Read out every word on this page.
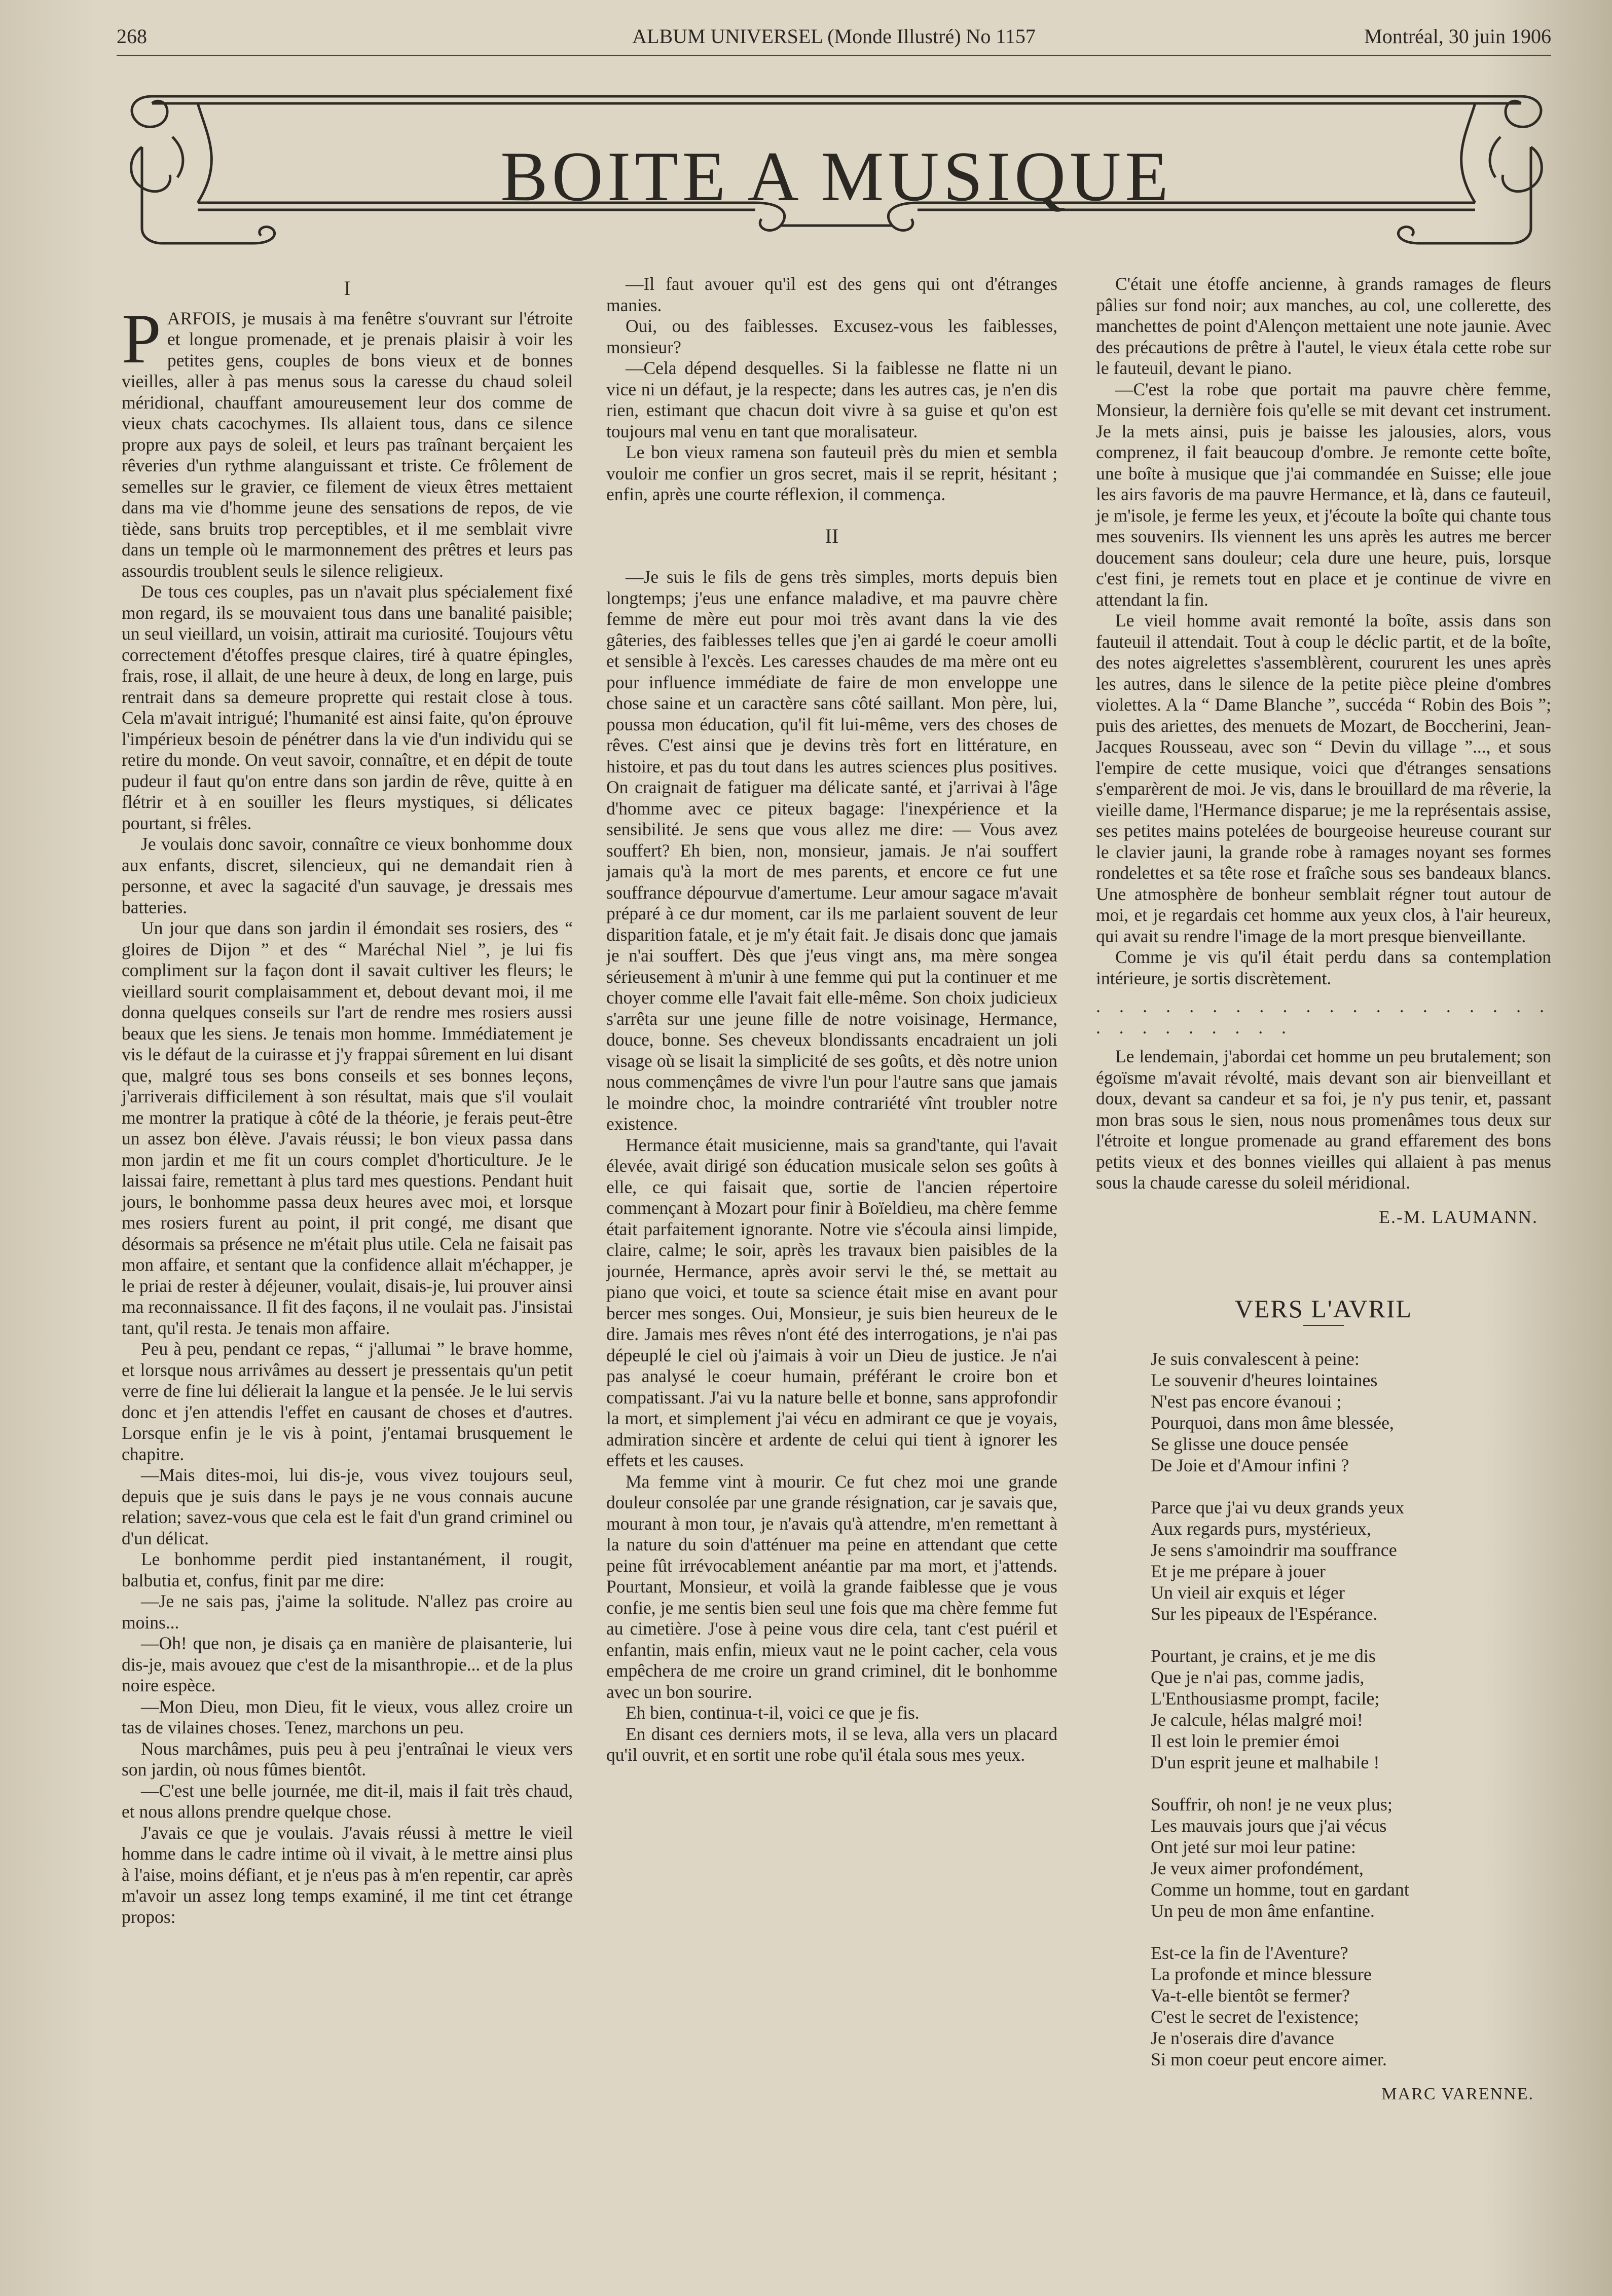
268	ALBUM UNIVERSEL (Monde Illustré) No 1157	Montréal, 30 juin 1906
BOITE A MUSIQUE
I

PARFOIS, je musais à ma fenêtre s'ouvrant sur l'étroite et longue promenade, et je prenais plaisir à voir les petites gens, couples de bons vieux et de bonnes vieilles, aller à pas menus sous la caresse du chaud soleil méridional, chauffant amoureusement leur dos comme de vieux chats cacochymes. Ils allaient tous, dans ce silence propre aux pays de soleil, et leurs pas traînant berçaient les rêveries d'un rythme alanguissant et triste. Ce frôlement de semelles sur le gravier, ce filement de vieux êtres mettaient dans ma vie d'homme jeune des sensations de repos, de vie tiède, sans bruits trop perceptibles, et il me semblait vivre dans un temple où le marmonnement des prêtres et leurs pas assourdis troublent seuls le silence religieux.

De tous ces couples, pas un n'avait plus spécialement fixé mon regard, ils se mouvaient tous dans une banalité paisible; un seul vieillard, un voisin, attirait ma curiosité. Toujours vêtu correctement d'étoffes presque claires, tiré à quatre épingles, frais, rose, il allait, de une heure à deux, de long en large, puis rentrait dans sa demeure proprette qui restait close à tous. Cela m'avait intrigué; l'humanité est ainsi faite, qu'on éprouve l'impérieux besoin de pénétrer dans la vie d'un individu qui se retire du monde. On veut savoir, connaître, et en dépit de toute pudeur il faut qu'on entre dans son jardin de rêve, quitte à en flétrir et à en souiller les fleurs mystiques, si délicates pourtant, si frêles.

Je voulais donc savoir, connaître ce vieux bonhomme doux aux enfants, discret, silencieux, qui ne demandait rien à personne, et avec la sagacité d'un sauvage, je dressais mes batteries.

Un jour que dans son jardin il émondait ses rosiers, des “ gloires de Dijon ” et des “ Maréchal Niel ”, je lui fis compliment sur la façon dont il savait cultiver les fleurs; le vieillard sourit complaisamment et, debout devant moi, il me donna quelques conseils sur l'art de rendre mes rosiers aussi beaux que les siens. Je tenais mon homme. Immédiatement je vis le défaut de la cuirasse et j'y frappai sûrement en lui disant que, malgré tous ses bons conseils et ses bonnes leçons, j'arriverais difficilement à son résultat, mais que s'il voulait me montrer la pratique à côté de la théorie, je ferais peut-être un assez bon élève. J'avais réussi; le bon vieux passa dans mon jardin et me fit un cours complet d'horticulture. Je le laissai faire, remettant à plus tard mes questions. Pendant huit jours, le bonhomme passa deux heures avec moi, et lorsque mes rosiers furent au point, il prit congé, me disant que désormais sa présence ne m'était plus utile. Cela ne faisait pas mon affaire, et sentant que la confidence allait m'échapper, je le priai de rester à déjeuner, voulait, disais-je, lui prouver ainsi ma reconnaissance. Il fit des façons, il ne voulait pas. J'insistai tant, qu'il resta. Je tenais mon affaire.

Peu à peu, pendant ce repas, “ j'allumai ” le brave homme, et lorsque nous arrivâmes au dessert je pressentais qu'un petit verre de fine lui délierait la langue et la pensée. Je le lui servis donc et j'en attendis l'effet en causant de choses et d'autres. Lorsque enfin je le vis à point, j'entamai brusquement le chapitre.

—Mais dites-moi, lui dis-je, vous vivez toujours seul, depuis que je suis dans le pays je ne vous connais aucune relation; savez-vous que cela est le fait d'un grand criminel ou d'un délicat.

Le bonhomme perdit pied instantanément, il rougit, balbutia et, confus, finit par me dire:

—Je ne sais pas, j'aime la solitude. N'allez pas croire au moins...

—Oh! que non, je disais ça en manière de plaisanterie, lui dis-je, mais avouez que c'est de la misanthropie... et de la plus noire espèce.

—Mon Dieu, mon Dieu, fit le vieux, vous allez croire un tas de vilaines choses. Tenez, marchons un peu.

Nous marchâmes, puis peu à peu j'entraînai le vieux vers son jardin, où nous fûmes bientôt.

—C'est une belle journée, me dit-il, mais il fait très chaud, et nous allons prendre quelque chose.

J'avais ce que je voulais. J'avais réussi à mettre le vieil homme dans le cadre intime où il vivait, à le mettre ainsi plus à l'aise, moins défiant, et je n'eus pas à m'en repentir, car après m'avoir un assez long temps examiné, il me tint cet étrange propos:

—Il faut avouer qu'il est des gens qui ont d'étranges manies.

Oui, ou des faiblesses. Excusez-vous les faiblesses, monsieur?

—Cela dépend desquelles. Si la faiblesse ne flatte ni un vice ni un défaut, je la respecte; dans les autres cas, je n'en dis rien, estimant que chacun doit vivre à sa guise et qu'on est toujours mal venu en tant que moralisateur.

Le bon vieux ramena son fauteuil près du mien et sembla vouloir me confier un gros secret, mais il se reprit, hésitant ; enfin, après une courte réflexion, il commença.

II

—Je suis le fils de gens très simples, morts depuis bien longtemps; j'eus une enfance maladive, et ma pauvre chère femme de mère eut pour moi très avant dans la vie des gâteries, des faiblesses telles que j'en ai gardé le coeur amolli et sensible à l'excès. Les caresses chaudes de ma mère ont eu pour influence immédiate de faire de mon enveloppe une chose saine et un caractère sans côté saillant. Mon père, lui, poussa mon éducation, qu'il fit lui-même, vers des choses de rêves. C'est ainsi que je devins très fort en littérature, en histoire, et pas du tout dans les autres sciences plus positives. On craignait de fatiguer ma délicate santé, et j'arrivai à l'âge d'homme avec ce piteux bagage: l'inexpérience et la sensibilité. Je sens que vous allez me dire: — Vous avez souffert? Eh bien, non, monsieur, jamais. Je n'ai souffert jamais qu'à la mort de mes parents, et encore ce fut une souffrance dépourvue d'amertume. Leur amour sagace m'avait préparé à ce dur moment, car ils me parlaient souvent de leur disparition fatale, et je m'y était fait. Je disais donc que jamais je n'ai souffert. Dès que j'eus vingt ans, ma mère songea sérieusement à m'unir à une femme qui put la continuer et me choyer comme elle l'avait fait elle-même. Son choix judicieux s'arrêta sur une jeune fille de notre voisinage, Hermance, douce, bonne. Ses cheveux blondissants encadraient un joli visage où se lisait la simplicité de ses goûts, et dès notre union nous commençâmes de vivre l'un pour l'autre sans que jamais le moindre choc, la moindre contrariété vînt troubler notre existence.

Hermance était musicienne, mais sa grand'tante, qui l'avait élevée, avait dirigé son éducation musicale selon ses goûts à elle, ce qui faisait que, sortie de l'ancien répertoire commençant à Mozart pour finir à Boïeldieu, ma chère femme était parfaitement ignorante. Notre vie s'écoula ainsi limpide, claire, calme; le soir, après les travaux bien paisibles de la journée, Hermance, après avoir servi le thé, se mettait au piano que voici, et toute sa science était mise en avant pour bercer mes songes. Oui, Monsieur, je suis bien heureux de le dire. Jamais mes rêves n'ont été des interrogations, je n'ai pas dépeuplé le ciel où j'aimais à voir un Dieu de justice. Je n'ai pas analysé le coeur humain, préférant le croire bon et compatissant. J'ai vu la nature belle et bonne, sans approfondir la mort, et simplement j'ai vécu en admirant ce que je voyais, admiration sincère et ardente de celui qui tient à ignorer les effets et les causes.

Ma femme vint à mourir. Ce fut chez moi une grande douleur consolée par une grande résignation, car je savais que, mourant à mon tour, je n'avais qu'à attendre, m'en remettant à la nature du soin d'atténuer ma peine en attendant que cette peine fût irrévocablement anéantie par ma mort, et j'attends. Pourtant, Monsieur, et voilà la grande faiblesse que je vous confie, je me sentis bien seul une fois que ma chère femme fut au cimetière. J'ose à peine vous dire cela, tant c'est puéril et enfantin, mais enfin, mieux vaut ne le point cacher, cela vous empêchera de me croire un grand criminel, dit le bonhomme avec un bon sourire.

Eh bien, continua-t-il, voici ce que je fis.

En disant ces derniers mots, il se leva, alla vers un placard qu'il ouvrit, et en sortit une robe qu'il étala sous mes yeux.

C'était une étoffe ancienne, à grands ramages de fleurs pâlies sur fond noir; aux manches, au col, une collerette, des manchettes de point d'Alençon mettaient une note jaunie. Avec des précautions de prêtre à l'autel, le vieux étala cette robe sur le fauteuil, devant le piano.

—C'est la robe que portait ma pauvre chère femme, Monsieur, la dernière fois qu'elle se mit devant cet instrument. Je la mets ainsi, puis je baisse les jalousies, alors, vous comprenez, il fait beaucoup d'ombre. Je remonte cette boîte, une boîte à musique que j'ai commandée en Suisse; elle joue les airs favoris de ma pauvre Hermance, et là, dans ce fauteuil, je m'isole, je ferme les yeux, et j'écoute la boîte qui chante tous mes souvenirs. Ils viennent les uns après les autres me bercer doucement sans douleur; cela dure une heure, puis, lorsque c'est fini, je remets tout en place et je continue de vivre en attendant la fin.

Le vieil homme avait remonté la boîte, assis dans son fauteuil il attendait. Tout à coup le déclic partit, et de la boîte, des notes aigrelettes s'assemblèrent, coururent les unes après les autres, dans le silence de la petite pièce pleine d'ombres violettes. A la “ Dame Blanche ”, succéda “ Robin des Bois ”; puis des ariettes, des menuets de Mozart, de Boccherini, Jean-Jacques Rousseau, avec son “ Devin du village ”..., et sous l'empire de cette musique, voici que d'étranges sensations s'emparèrent de moi. Je vis, dans le brouillard de ma rêverie, la vieille dame, l'Hermance disparue; je me la représentais assise, ses petites mains potelées de bourgeoise heureuse courant sur le clavier jauni, la grande robe à ramages noyant ses formes rondelettes et sa tête rose et fraîche sous ses bandeaux blancs. Une atmosphère de bonheur semblait régner tout autour de moi, et je regardais cet homme aux yeux clos, à l'air heureux, qui avait su rendre l'image de la mort presque bienveillante.

Comme je vis qu'il était perdu dans sa contemplation intérieure, je sortis discrètement.

. . . . . . . . . . . . . . . . . . . . . . . . . . . . .

Le lendemain, j'abordai cet homme un peu brutalement; son égoïsme m'avait révolté, mais devant son air bienveillant et doux, devant sa candeur et sa foi, je n'y pus tenir, et, passant mon bras sous le sien, nous nous promenâmes tous deux sur l'étroite et longue promenade au grand effarement des bons petits vieux et des bonnes vieilles qui allaient à pas menus sous la chaude caresse du soleil méridional.

E.-M. LAUMANN.
VERS L'AVRIL
Je suis convalescent à peine:
Le souvenir d'heures lointaines
N'est pas encore évanoui ;
Pourquoi, dans mon âme blessée,
Se glisse une douce pensée
De Joie et d'Amour infini ?
Parce que j'ai vu deux grands yeux
Aux regards purs, mystérieux,
Je sens s'amoindrir ma souffrance
Et je me prépare à jouer
Un vieil air exquis et léger
Sur les pipeaux de l'Espérance.
Pourtant, je crains, et je me dis
Que je n'ai pas, comme jadis,
L'Enthousiasme prompt, facile;
Je calcule, hélas malgré moi!
Il est loin le premier émoi
D'un esprit jeune et malhabile !
Souffrir, oh non! je ne veux plus;
Les mauvais jours que j'ai vécus
Ont jeté sur moi leur patine:
Je veux aimer profondément,
Comme un homme, tout en gardant
Un peu de mon âme enfantine.
Est-ce la fin de l'Aventure?
La profonde et mince blessure
Va-t-elle bientôt se fermer?
C'est le secret de l'existence;
Je n'oserais dire d'avance
Si mon coeur peut encore aimer.
MARC VARENNE.
